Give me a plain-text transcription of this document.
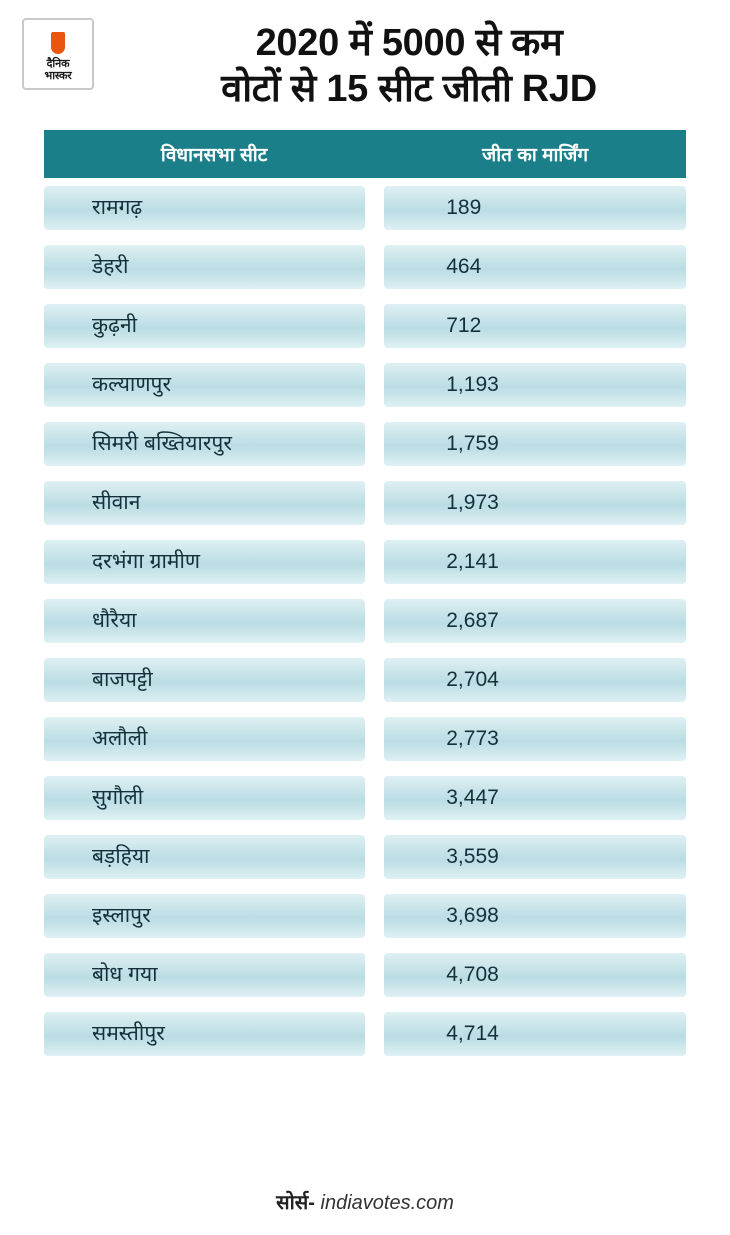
दैनिक
भास्कर
2020 में 5000 से कम
वोटों से 15 सीट जीती RJD
विधानसभा सीट	जीत का मार्जिंग
रामगढ़	189
डेहरी	464
कुढ़नी	712
कल्याणपुर	1,193
सिमरी बख्तियारपुर	1,759
सीवान	1,973
दरभंगा ग्रामीण	2,141
धौरैया	2,687
बाजपट्टी	2,704
अलौली	2,773
सुगौली	3,447
बड़हिया	3,559
इस्लापुर	3,698
बोध गया	4,708
समस्तीपुर	4,714
सोर्स- indiavotes.com
